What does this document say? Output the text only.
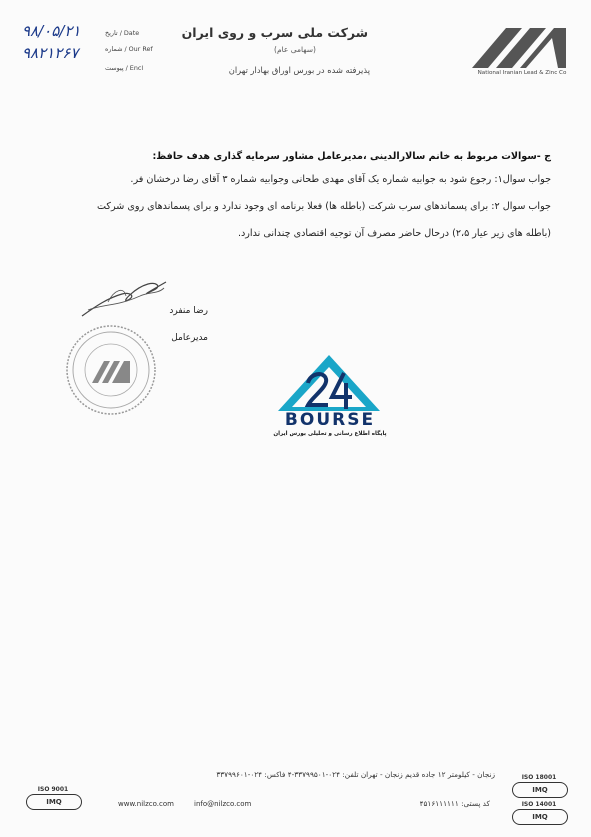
National Iranian Lead & Zinc Co
شرکت ملی سرب و روی ایران
(سهامی عام)
پذیرفته شده در بورس اوراق بهادار تهران
تاریخ / Date
شماره / Our Ref
پیوست / Encl
۹۸/۰۵/۲۱
۹۸۲۱۲۶۷
ج -سوالات مربوط به خانم سالارالدینی ،مدیرعامل مشاور سرمایه گذاری هدف حافظ:
جواب سوال۱: رجوع شود به جوابیه شماره یک آقای مهدی طحانی وجوابیه شماره ۳ آقای رضا درخشان فر.
جواب سوال ۲: برای پسماندهای سرب شرکت (باطله ها) فعلا برنامه ای وجود ندارد و برای پسماندهای روی شرکت
(باطله های زیر عیار ۲،۵) درحال حاضر مصرف آن توجیه اقتصادی چندانی ندارد.
رضا منفرد
مدیرعامل
BOURSE
پایگاه اطلاع رسانی و تحلیلی بورس ایران
زنجان - کیلومتر ۱۲ جاده قدیم زنجان - تهران تلفن: ۰۲۴-۳۳۷۹۹۵۰۱-۴ فاکس: ۰۲۴-۳۳۷۹۹۶۰۱
کد پستی: ۴۵۱۶۱۱۱۱۱۱
www.nilzco.com	info@nilzco.com
ISO 9001
IMQ
ISO 18001
IMQ
ISO 14001
IMQ
